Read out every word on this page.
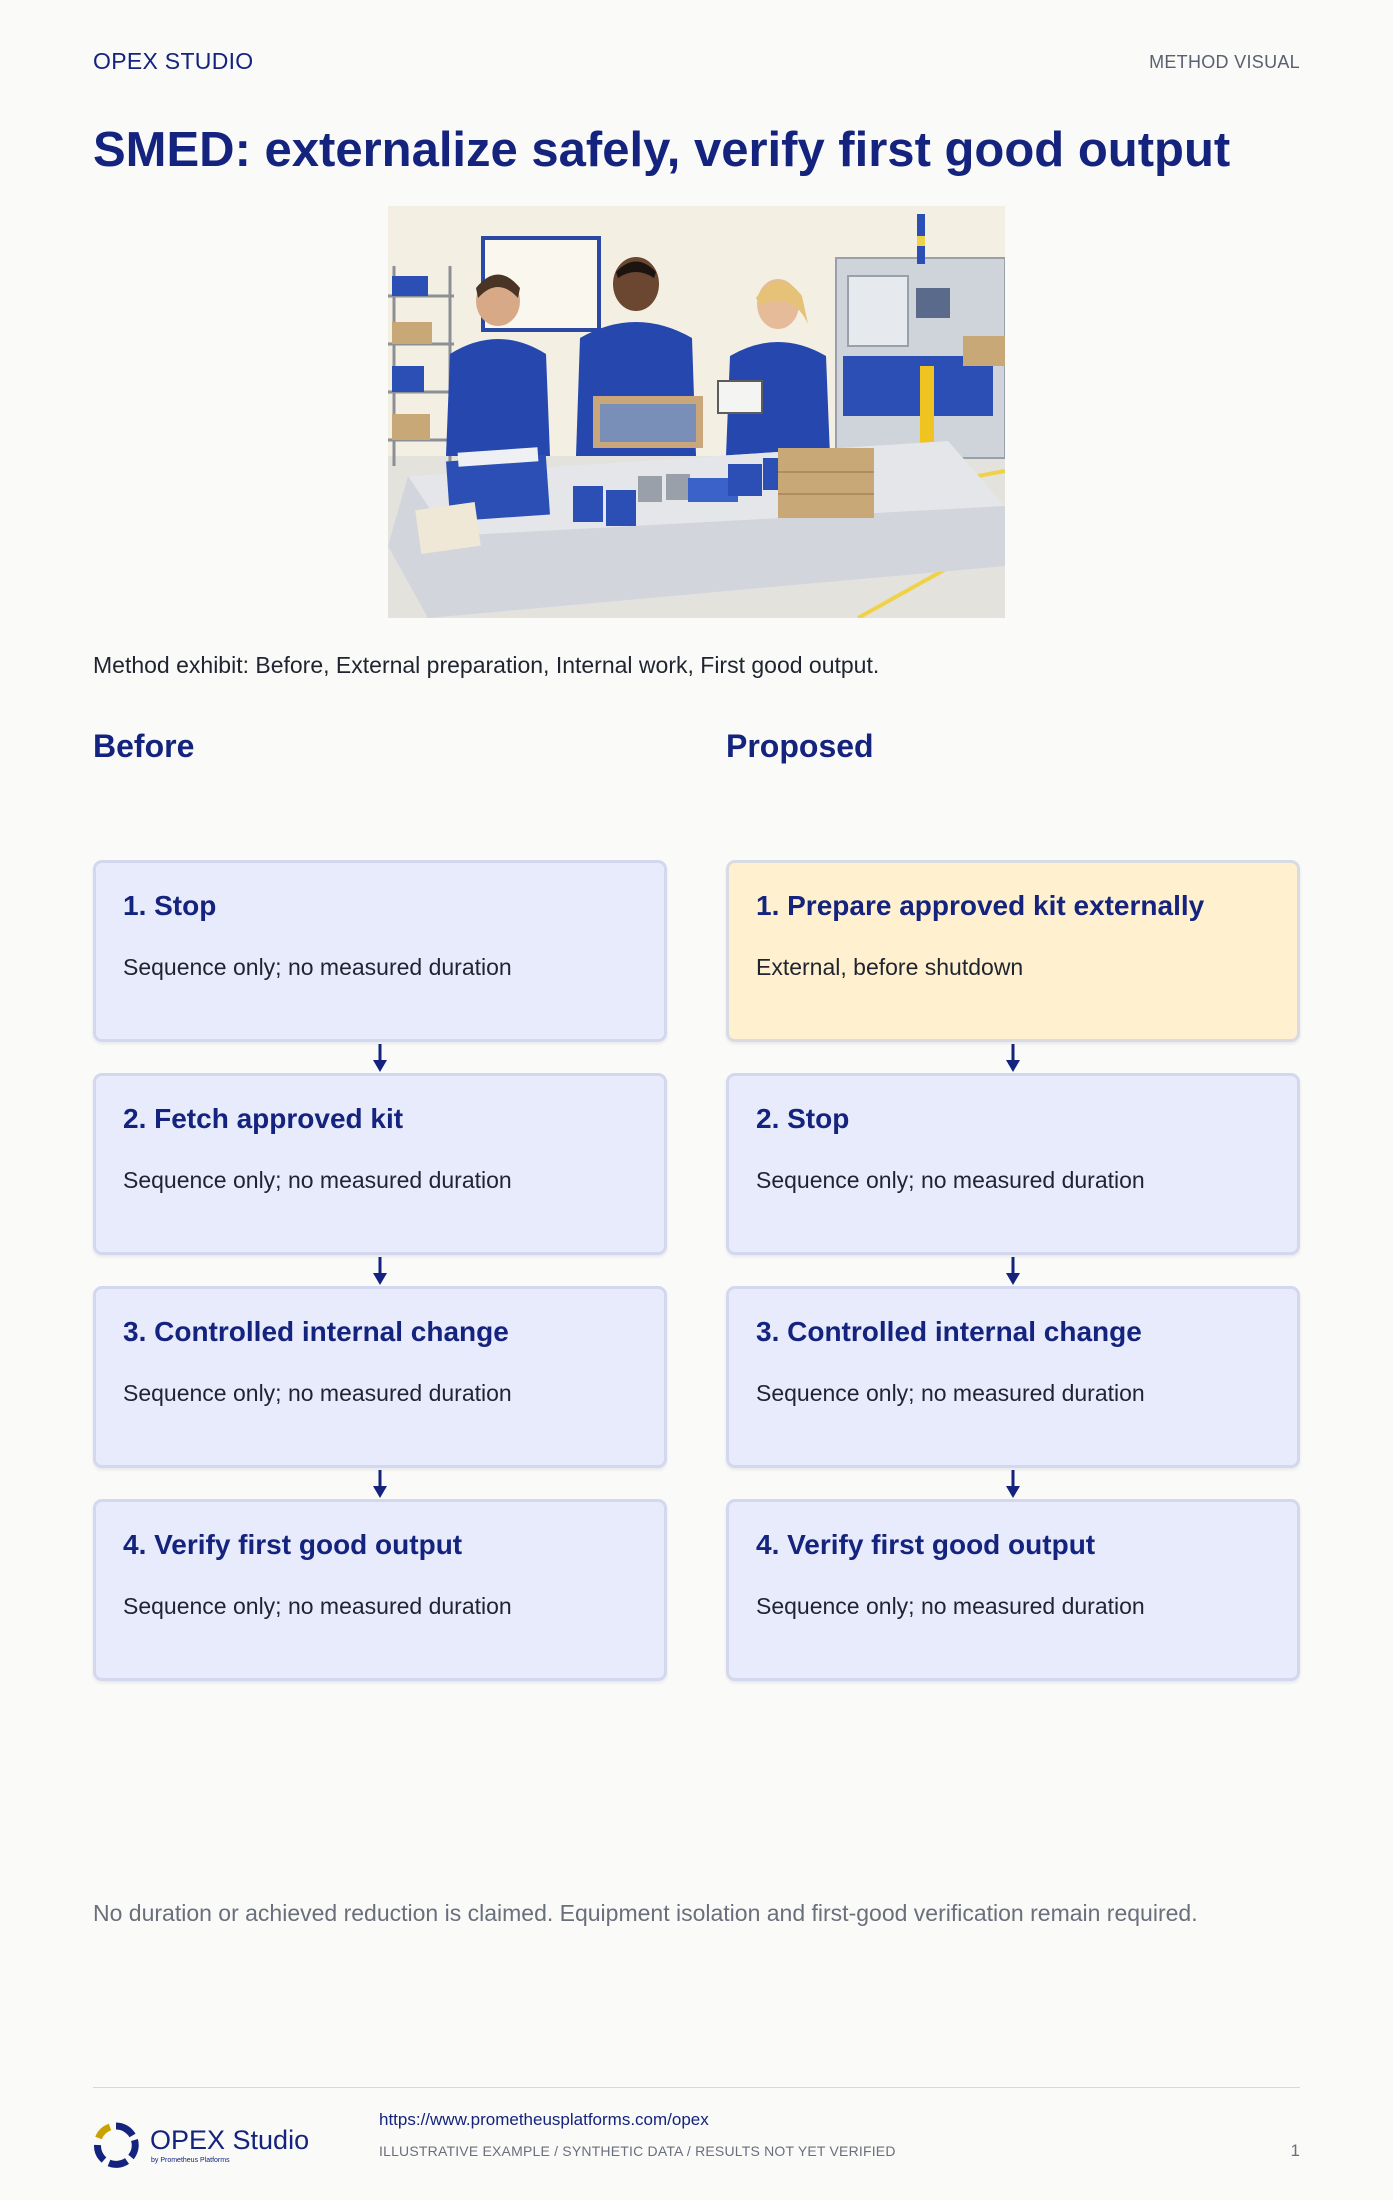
OPEX STUDIO	METHOD VISUAL
SMED: externalize safely, verify first good output
Method exhibit: Before, External preparation, Internal work, First good output.
Before	Proposed
1. Stop
Sequence only; no measured duration
2. Fetch approved kit
Sequence only; no measured duration
3. Controlled internal change
Sequence only; no measured duration
4. Verify first good output
Sequence only; no measured duration
1. Prepare approved kit externally
External, before shutdown
2. Stop
Sequence only; no measured duration
3. Controlled internal change
Sequence only; no measured duration
4. Verify first good output
Sequence only; no measured duration
No duration or achieved reduction is claimed. Equipment isolation and first-good verification remain required.
OPEX Studio
by Prometheus Platforms
https://www.prometheusplatforms.com/opex
ILLUSTRATIVE EXAMPLE / SYNTHETIC DATA / RESULTS NOT YET VERIFIED	1
